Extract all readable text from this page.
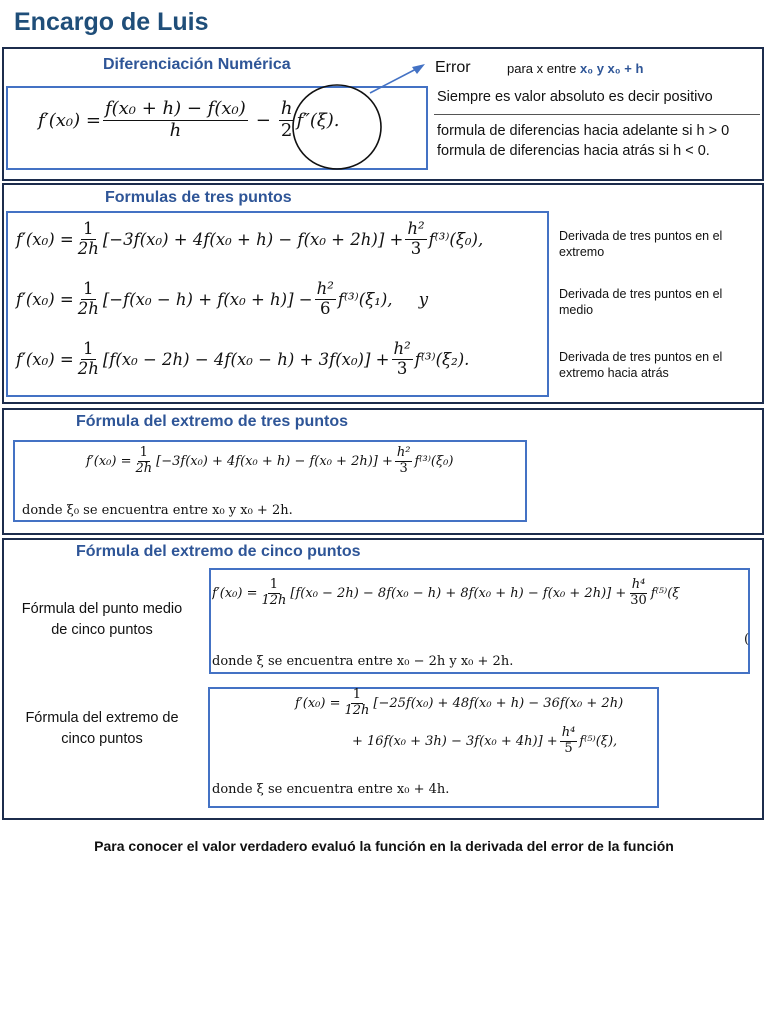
Encargo de Luis
Diferenciación Numérica
$f'(x_0) = \frac{\text{f(x₀ + h) − f(x₀)}}{h} - \frac{h}{2} f''(\xi)$.
Error	para x entre x₀ y x₀ + h
Siempre es valor absoluto es decir positivo
formula de diferencias hacia adelante si h > 0
formula de diferencias hacia atrás si h < 0.
Formulas de tres puntos
$f'(x_0) = \frac{1}{2h} [-3f(x_0) + 4f(x_0 + h) - f(x_0 + 2h)] + \frac{\text{h²}}{3} f^{(3)}(\xi_0)$,
$f'(x_0) = \frac{1}{2h} [-f(x_0 - h) + f(x_0 + h)] - \frac{\text{h²}}{6} f^{(3)}(\xi_1)$,     y
$f'(x_0) = \frac{1}{2h} [f(x_0 - 2h) - 4f(x_0 - h) + 3f(x_0)] + \frac{\text{h²}}{3} f^{(3)}(\xi_2)$.
Derivada de tres puntos en el extremo
Derivada de tres puntos en el medio
Derivada de tres puntos en el extremo hacia atrás
Fórmula del extremo de tres puntos
$f'(x_0) = \frac{1}{2h} [-3f(x_0) + 4f(x_0 + h) - f(x_0 + 2h)] + \frac{\text{h²}}{3} f^{(3)}(\xi_0)$
donde ξ₀ se encuentra entre x₀ y x₀ + 2h.
Fórmula del extremo de cinco puntos
Fórmula del punto medio de cinco puntos
$f'(x_0) = \frac{1}{12h} [f(x_0 - 2h) - 8f(x_0 - h) + 8f(x_0 + h) - f(x_0 + 2h)] + \frac{\text{h⁴}}{30} f^{(5)}(\xi$
(
donde ξ se encuentra entre x₀ − 2h y x₀ + 2h.
Fórmula del extremo de cinco puntos
$f'(x_0) = \frac{1}{12h} [-25f(x_0) + 48f(x_0 + h) - 36f(x_0 + 2h)$
+ $16f(x_0 + 3h) - 3f(x_0 + 4h)] + \frac{\text{h⁴}}{5} f^{(5)}(\xi)$,
donde ξ se encuentra entre x₀ + 4h.
Para conocer el valor verdadero evaluó la función en la derivada del error de la función
